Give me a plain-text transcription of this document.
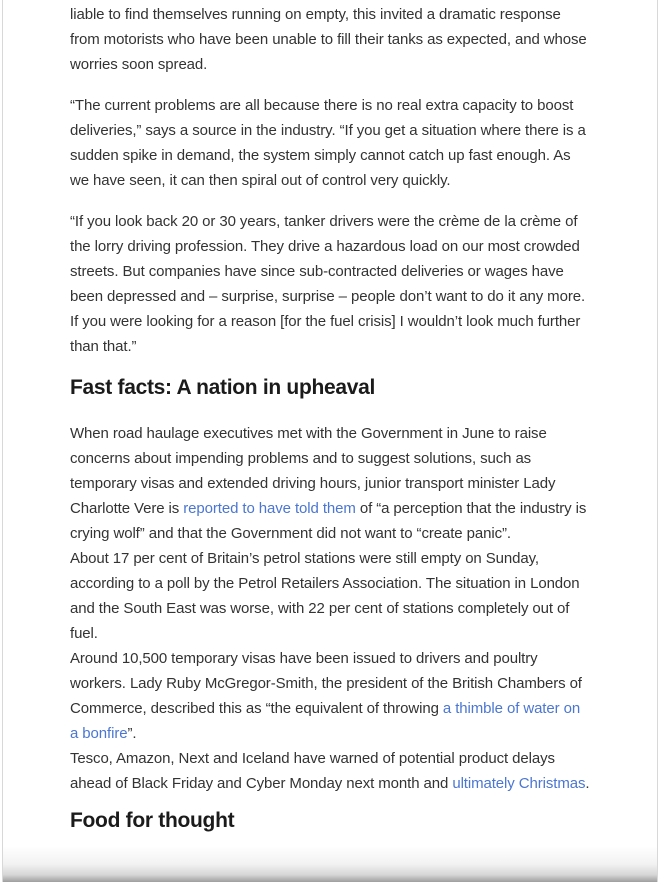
liable to find themselves running on empty, this invited a dramatic response from motorists who have been unable to fill their tanks as expected, and whose worries soon spread.

“The current problems are all because there is no real extra capacity to boost deliveries,” says a source in the industry. “If you get a situation where there is a sudden spike in demand, the system simply cannot catch up fast enough. As we have seen, it can then spiral out of control very quickly.

“If you look back 20 or 30 years, tanker drivers were the crème de la crème of the lorry driving profession. They drive a hazardous load on our most crowded streets. But companies have since sub-contracted deliveries or wages have been depressed and – surprise, surprise – people don’t want to do it any more. If you were looking for a reason [for the fuel crisis] I wouldn’t look much further than that.”

Fast facts: A nation in upheaval

When road haulage executives met with the Government in June to raise concerns about impending problems and to suggest solutions, such as temporary visas and extended driving hours, junior transport minister Lady Charlotte Vere is reported to have told them of “a perception that the industry is crying wolf” and that the Government did not want to “create panic”.

About 17 per cent of Britain’s petrol stations were still empty on Sunday, according to a poll by the Petrol Retailers Association. The situation in London and the South East was worse, with 22 per cent of stations completely out of fuel.

Around 10,500 temporary visas have been issued to drivers and poultry workers. Lady Ruby McGregor-Smith, the president of the British Chambers of Commerce, described this as “the equivalent of throwing a thimble of water on a bonfire”.

Tesco, Amazon, Next and Iceland have warned of potential product delays ahead of Black Friday and Cyber Monday next month and ultimately Christmas.

Food for thought
